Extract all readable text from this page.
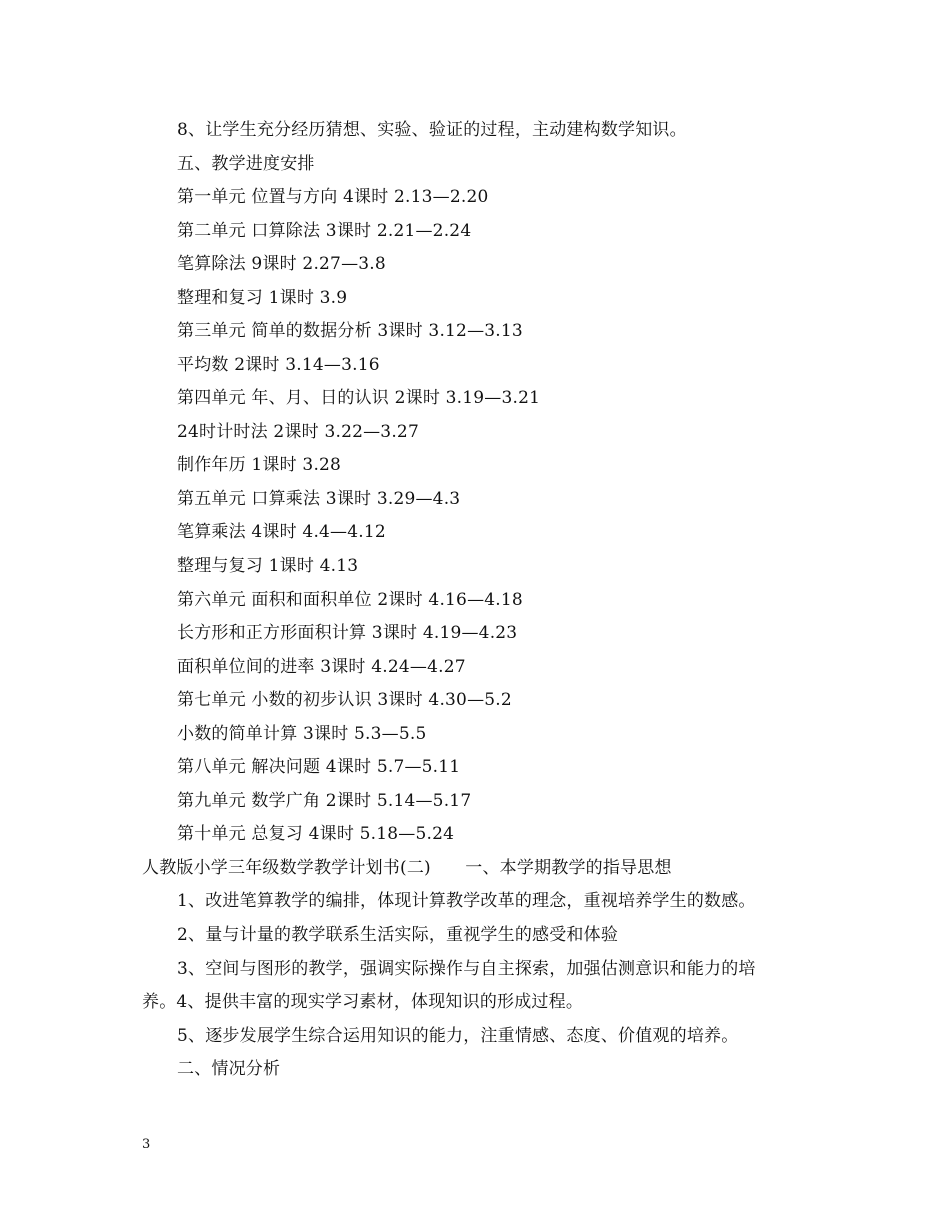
8、让学生充分经历猜想、实验、验证的过程，主动建构数学知识。
五、教学进度安排
第一单元 位置与方向 4课时 2.13—2.20
第二单元 口算除法 3课时 2.21—2.24
笔算除法 9课时 2.27—3.8
整理和复习 1课时 3.9
第三单元 简单的数据分析 3课时 3.12—3.13
平均数 2课时 3.14—3.16
第四单元 年、月、日的认识 2课时 3.19—3.21
24时计时法 2课时 3.22—3.27
制作年历 1课时 3.28
第五单元 口算乘法 3课时 3.29—4.3
笔算乘法 4课时 4.4—4.12
整理与复习 1课时 4.13
第六单元 面积和面积单位 2课时 4.16—4.18
长方形和正方形面积计算 3课时 4.19—4.23
面积单位间的进率 3课时 4.24—4.27
第七单元 小数的初步认识 3课时 4.30—5.2
小数的简单计算 3课时 5.3—5.5
第八单元 解决问题 4课时 5.7—5.11
第九单元 数学广角 2课时 5.14—5.17
第十单元 总复习 4课时 5.18—5.24
人教版小学三年级数学教学计划书(二)　　一、本学期教学的指导思想
1、改进笔算教学的编排，体现计算教学改革的理念，重视培养学生的数感。
2、量与计量的教学联系生活实际，重视学生的感受和体验
3、空间与图形的教学，强调实际操作与自主探索，加强估测意识和能力的培
养。4、提供丰富的现实学习素材，体现知识的形成过程。
5、逐步发展学生综合运用知识的能力，注重情感、态度、价值观的培养。
二、情况分析
3
